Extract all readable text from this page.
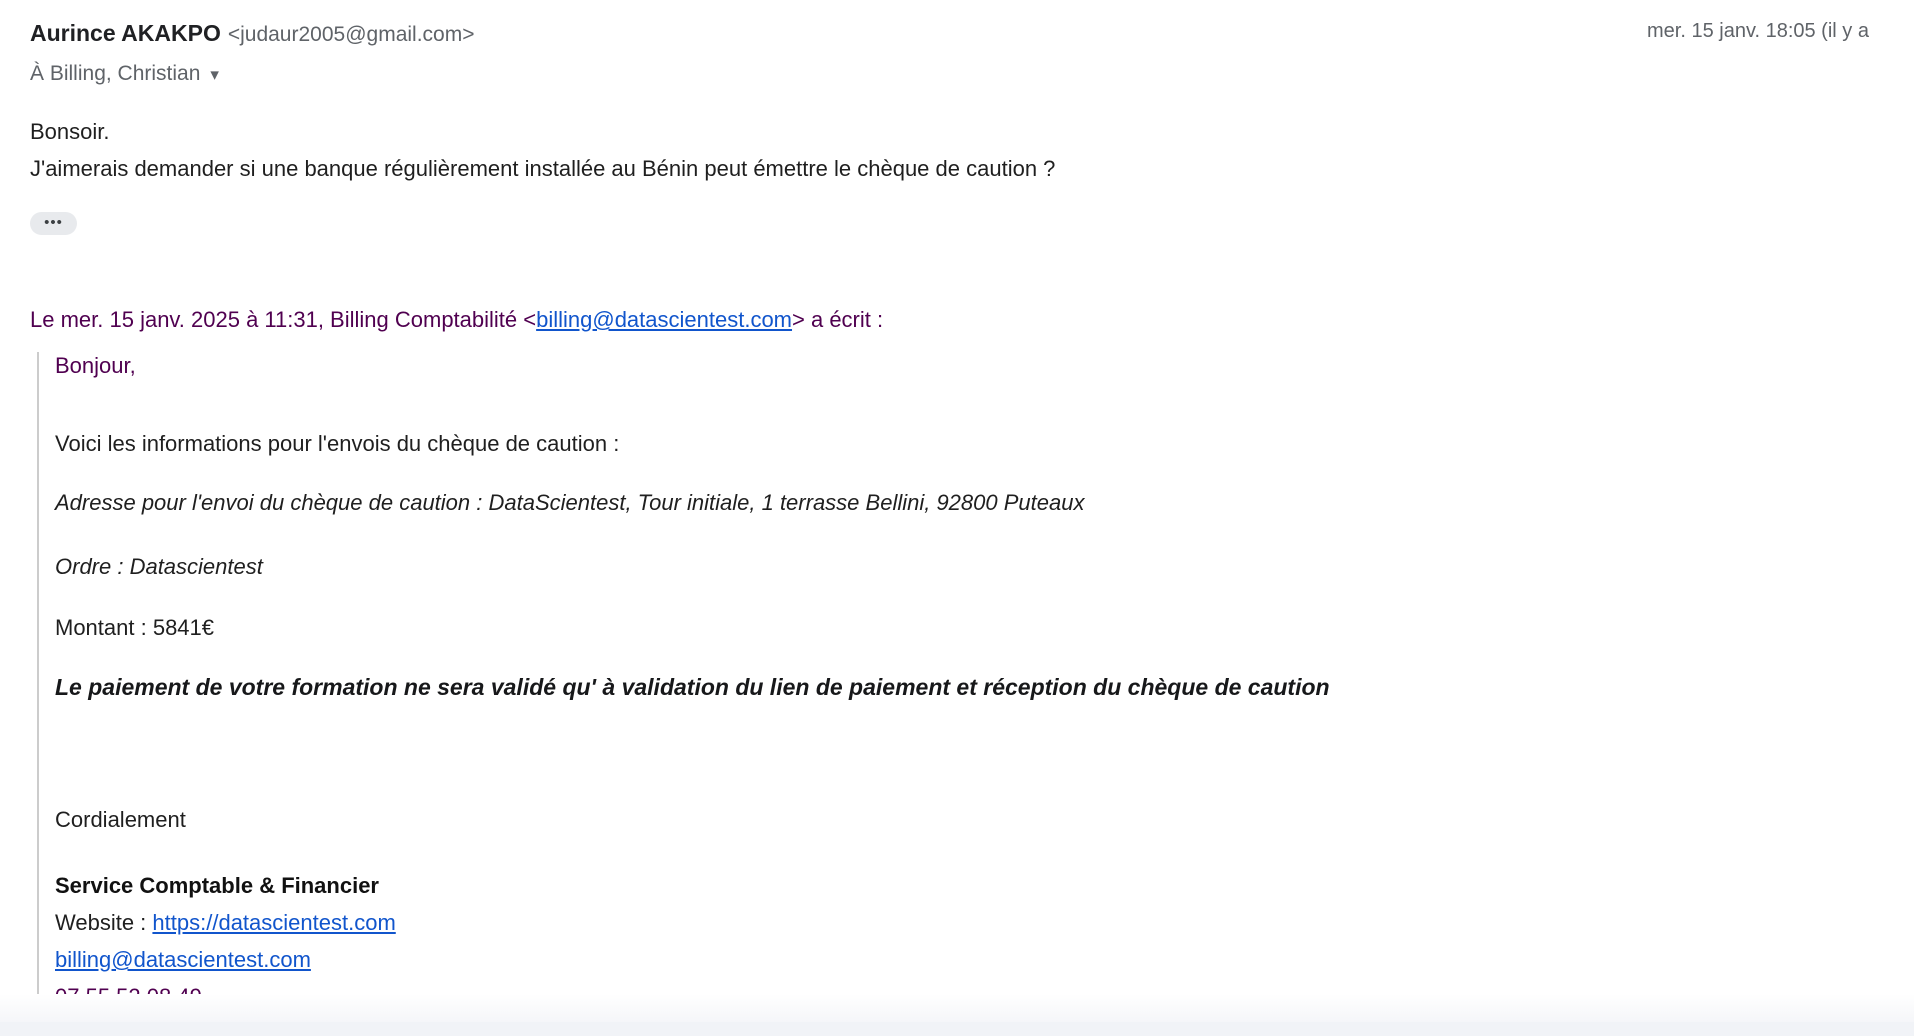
Aurince AKAKPO <judaur2005@gmail.com>	mer. 15 janv. 18:05 (il y a
À Billing, Christian ▾
Bonsoir.
J'aimerais demander si une banque régulièrement installée au Bénin peut émettre le chèque de caution ?
•••
Le mer. 15 janv. 2025 à 11:31, Billing Comptabilité <billing@datascientest.com> a écrit :
Bonjour,
Voici les informations pour l'envois du chèque de caution :
Adresse pour l'envoi du chèque de caution : DataScientest, Tour initiale, 1 terrasse Bellini, 92800 Puteaux
Ordre : Datascientest
Montant : 5841€
Le paiement de votre formation ne sera validé qu' à validation du lien de paiement et réception du chèque de caution
Cordialement
Service Comptable & Financier
Website : https://datascientest.com
billing@datascientest.com
